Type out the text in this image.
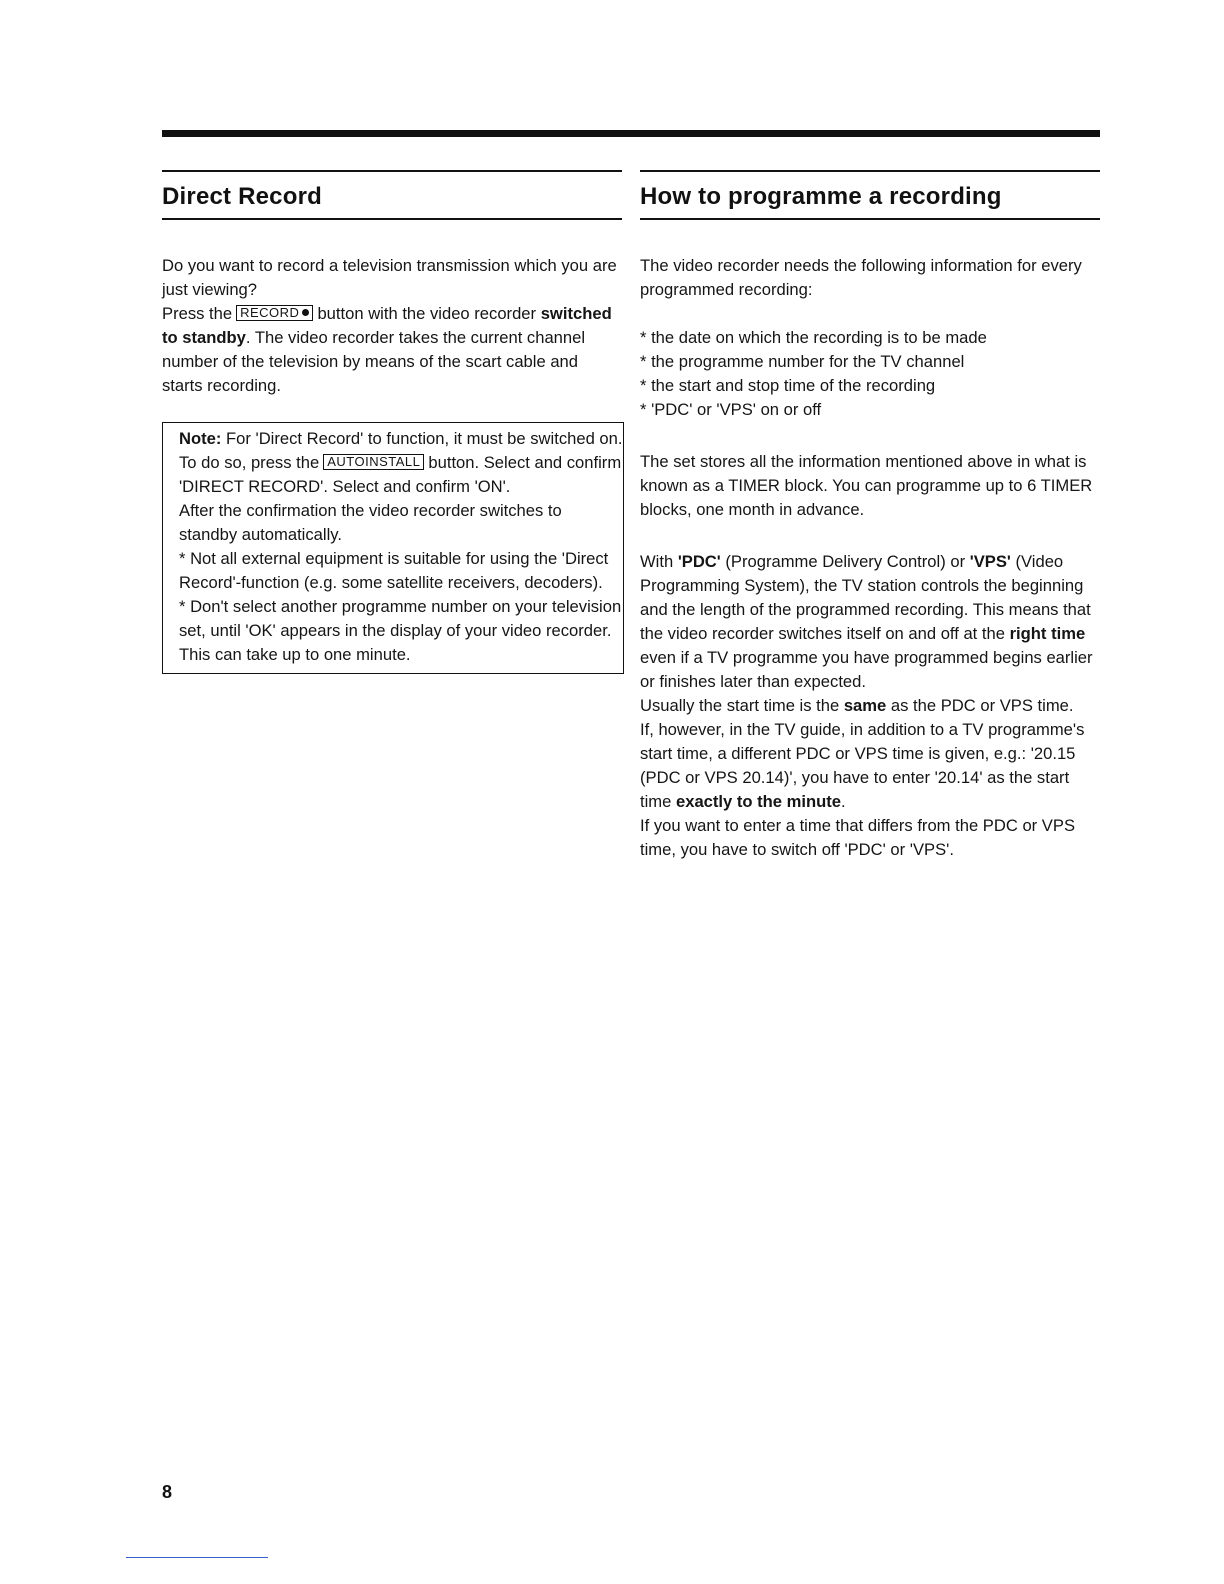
Direct Record

Do you want to record a television transmission which you are just viewing?

Press the RECORD button with the video recorder switched to standby. The video recorder takes the current channel number of the television by means of the scart cable and starts recording.

Note: For 'Direct Record' to function, it must be switched on. To do so, press the AUTOINSTALL button. Select and confirm 'DIRECT RECORD'. Select and confirm 'ON'.

After the confirmation the video recorder switches to standby automatically.

* Not all external equipment is suitable for using the 'Direct Record'-function (e.g. some satellite receivers, decoders).

* Don't select another programme number on your television set, until 'OK' appears in the display of your video recorder. This can take up to one minute.

How to programme a recording

The video recorder needs the following information for every programmed recording:

* the date on which the recording is to be made
* the programme number for the TV channel
* the start and stop time of the recording
* 'PDC' or 'VPS' on or off

The set stores all the information mentioned above in what is known as a TIMER block. You can programme up to 6 TIMER blocks, one month in advance.

With 'PDC' (Programme Delivery Control) or 'VPS' (Video Programming System), the TV station controls the beginning and the length of the programmed recording. This means that the video recorder switches itself on and off at the right time even if a TV programme you have programmed begins earlier or finishes later than expected.

Usually the start time is the same as the PDC or VPS time.

If, however, in the TV guide, in addition to a TV programme's start time, a different PDC or VPS time is given, e.g.: '20.15 (PDC or VPS 20.14)', you have to enter '20.14' as the start time exactly to the minute.

If you want to enter a time that differs from the PDC or VPS time, you have to switch off 'PDC' or 'VPS'.

8
